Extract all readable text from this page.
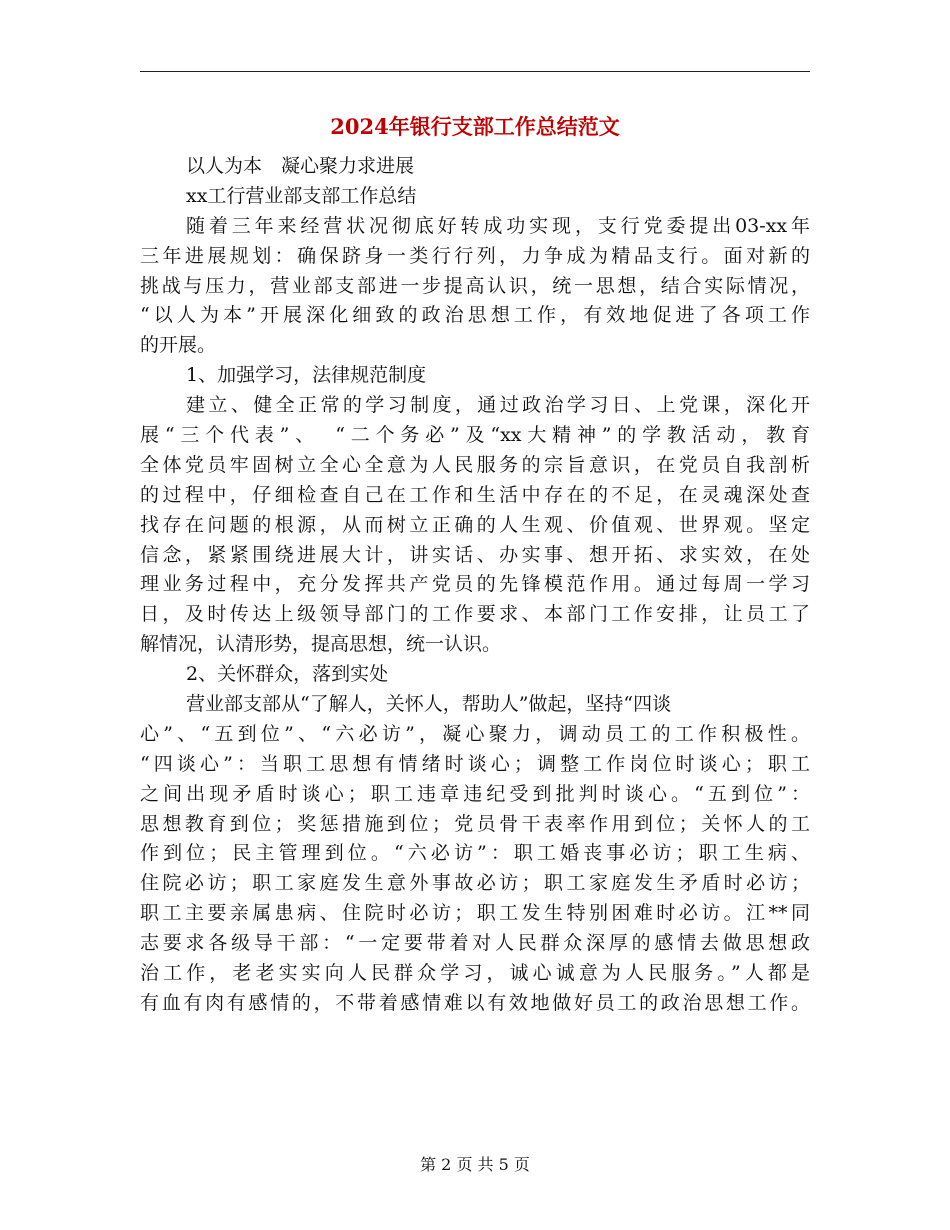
2024年银行支部工作总结范文
以人为本　凝心聚力求进展
xx工行营业部支部工作总结
随着三年来经营状况彻底好转成功实现，支行党委提出03-xx年
三年进展规划：确保跻身一类行行列，力争成为精品支行。面对新的
挑战与压力，营业部支部进一步提高认识，统一思想，结合实际情况，
“以人为本”开展深化细致的政治思想工作，有效地促进了各项工作
的开展。
1、加强学习，法律规范制度
建立、健全正常的学习制度，通过政治学习日、上党课，深化开
展“三个代表”、　“二个务必”及“xx大精神”的学教活动，教育
全体党员牢固树立全心全意为人民服务的宗旨意识，在党员自我剖析
的过程中，仔细检查自己在工作和生活中存在的不足，在灵魂深处查
找存在问题的根源，从而树立正确的人生观、价值观、世界观。坚定
信念，紧紧围绕进展大计，讲实话、办实事、想开拓、求实效，在处
理业务过程中，充分发挥共产党员的先锋模范作用。通过每周一学习
日，及时传达上级领导部门的工作要求、本部门工作安排，让员工了
解情况，认清形势，提高思想，统一认识。
2、关怀群众，落到实处
营业部支部从“了解人，关怀人，帮助人”做起，坚持“四谈
心”、“五到位”、“六必访”，凝心聚力，调动员工的工作积极性。
“四谈心”：当职工思想有情绪时谈心；调整工作岗位时谈心；职工
之间出现矛盾时谈心；职工违章违纪受到批判时谈心。“五到位”：
思想教育到位；奖惩措施到位；党员骨干表率作用到位；关怀人的工
作到位；民主管理到位。“六必访”：职工婚丧事必访；职工生病、
住院必访；职工家庭发生意外事故必访；职工家庭发生矛盾时必访；
职工主要亲属患病、住院时必访；职工发生特别困难时必访。江**同
志要求各级导干部：“一定要带着对人民群众深厚的感情去做思想政
治工作，老老实实向人民群众学习，诚心诚意为人民服务。”人都是
有血有肉有感情的，不带着感情难以有效地做好员工的政治思想工作。
第 2 页 共 5 页
